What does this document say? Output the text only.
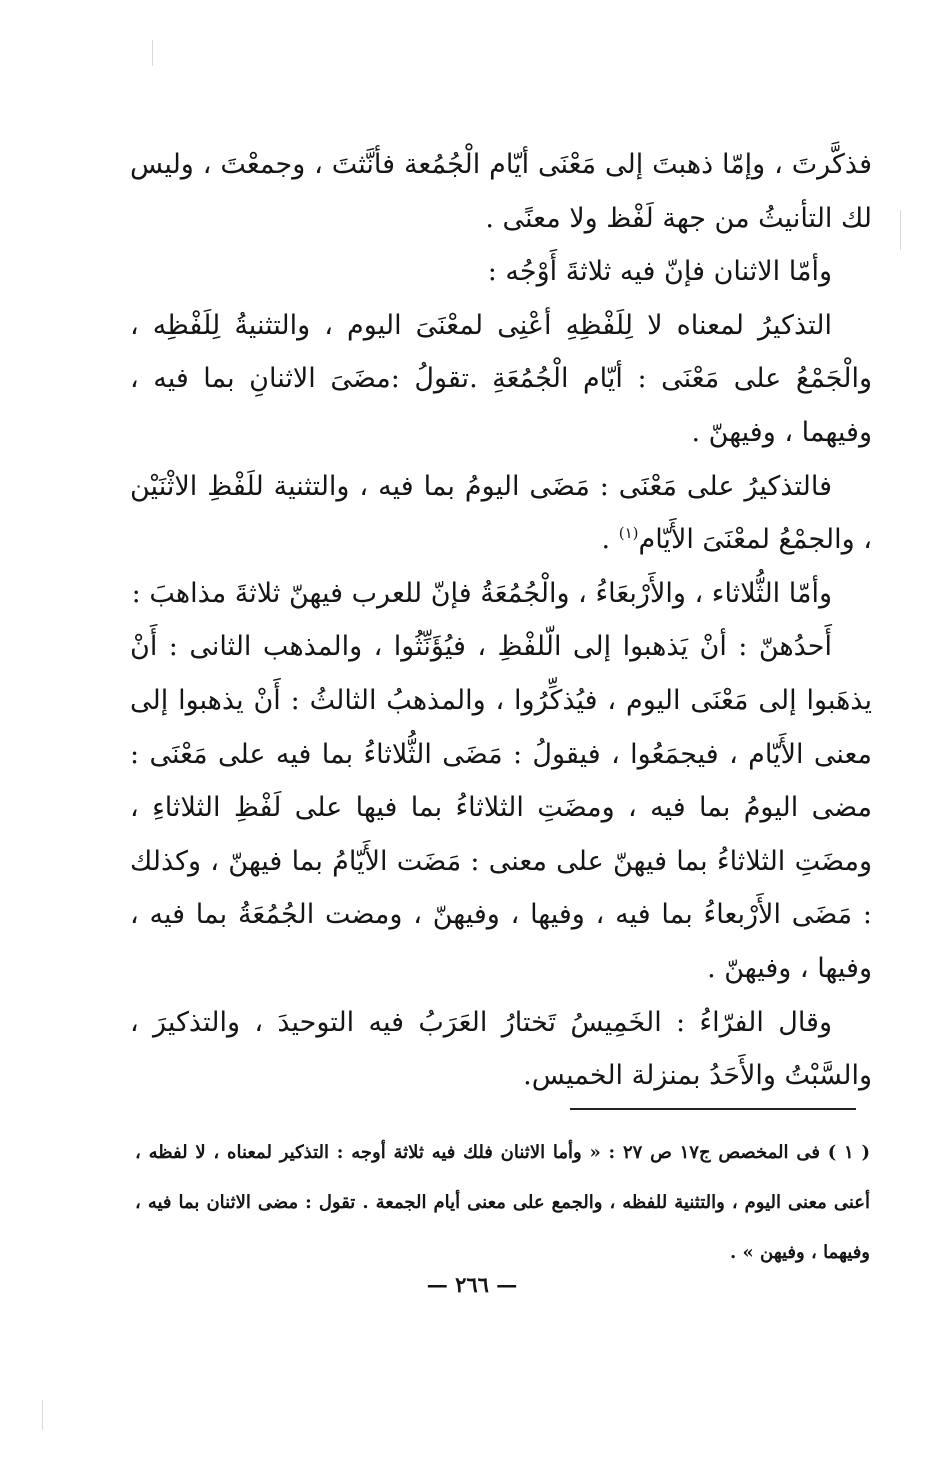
فذكَّرتَ ، وإمّا ذهبتَ إلى مَعْنَى أيّام الْجُمُعة فأنَّثتَ ، وجمعْتَ ، وليس لك التأنيثُ من جهة لَفْظ ولا معنًى .

وأمّا الاثنان فإنّ فيه ثلاثةَ أَوْجُه :

التذكيرُ لمعناه لا لِلَفْظِهِ أعْنِى لمعْنَىَ اليوم ، والتثنيةُ لِلَفْظِه ، والْجَمْعُ على مَعْنَى : أيّام الْجُمُعَةِ .تقولُ :مضَىَ الاثنانِ بما فيه ، وفيهما ، وفيهنّ .

فالتذكيرُ على مَعْنَى : مَضَى اليومُ بما فيه ، والتثنية للَفْظِ الاثْنَيْن ، والجمْعُ لمعْنَىَ الأَيّام$^{(١)}$ .

وأمّا الثُّلاثاء ، والأَرْبعَاءُ ، والْجُمُعَةُ فإنّ للعرب فيهنّ ثلاثةَ مذاهبَ :

أَحدُهنّ : أنْ يَذهبوا إلى الّلفْظِ ، فيُؤَنِّثُوا ، والمذهب الثانى : أَنْ يذهَبوا إلى مَعْنَى اليوم ، فيُذكِّرُوا ، والمذهبُ الثالثُ : أَنْ يذهبوا إلى معنى الأَيّام ، فيجمَعُوا ، فيقولُ : مَضَى الثُّلاثاءُ بما فيه على مَعْنَى : مضى اليومُ بما فيه ، ومضَتِ الثلاثاءُ بما فيها على لَفْظِ الثلاثاءِ ، ومضَتِ الثلاثاءُ بما فيهنّ على معنى : مَضَت الأَيّامُ بما فيهنّ ، وكذلك : مَضَى الأَرْبعاءُ بما فيه ، وفيها ، وفيهنّ ، ومضت الجُمُعَةُ بما فيه ، وفيها ، وفيهنّ .

وقال الفرّاءُ : الخَمِيسُ تَختارُ العَرَبُ فيه التوحيدَ ، والتذكيرَ ، والسَّبْتُ والأَحَدُ بمنزلة الخميس.

( ١ ) فى المخصص ج١٧ ص ٢٧ : « وأما الاثنان فلك فيه ثلاثة أوجه : التذكير لمعناه ، لا لفظه ، أعنى معنى اليوم ، والتثنية للفظه ، والجمع على معنى أيام الجمعة . تقول : مضى الاثنان بما فيه ، وفيهما ، وفيهن » .

— ٢٦٦ —
